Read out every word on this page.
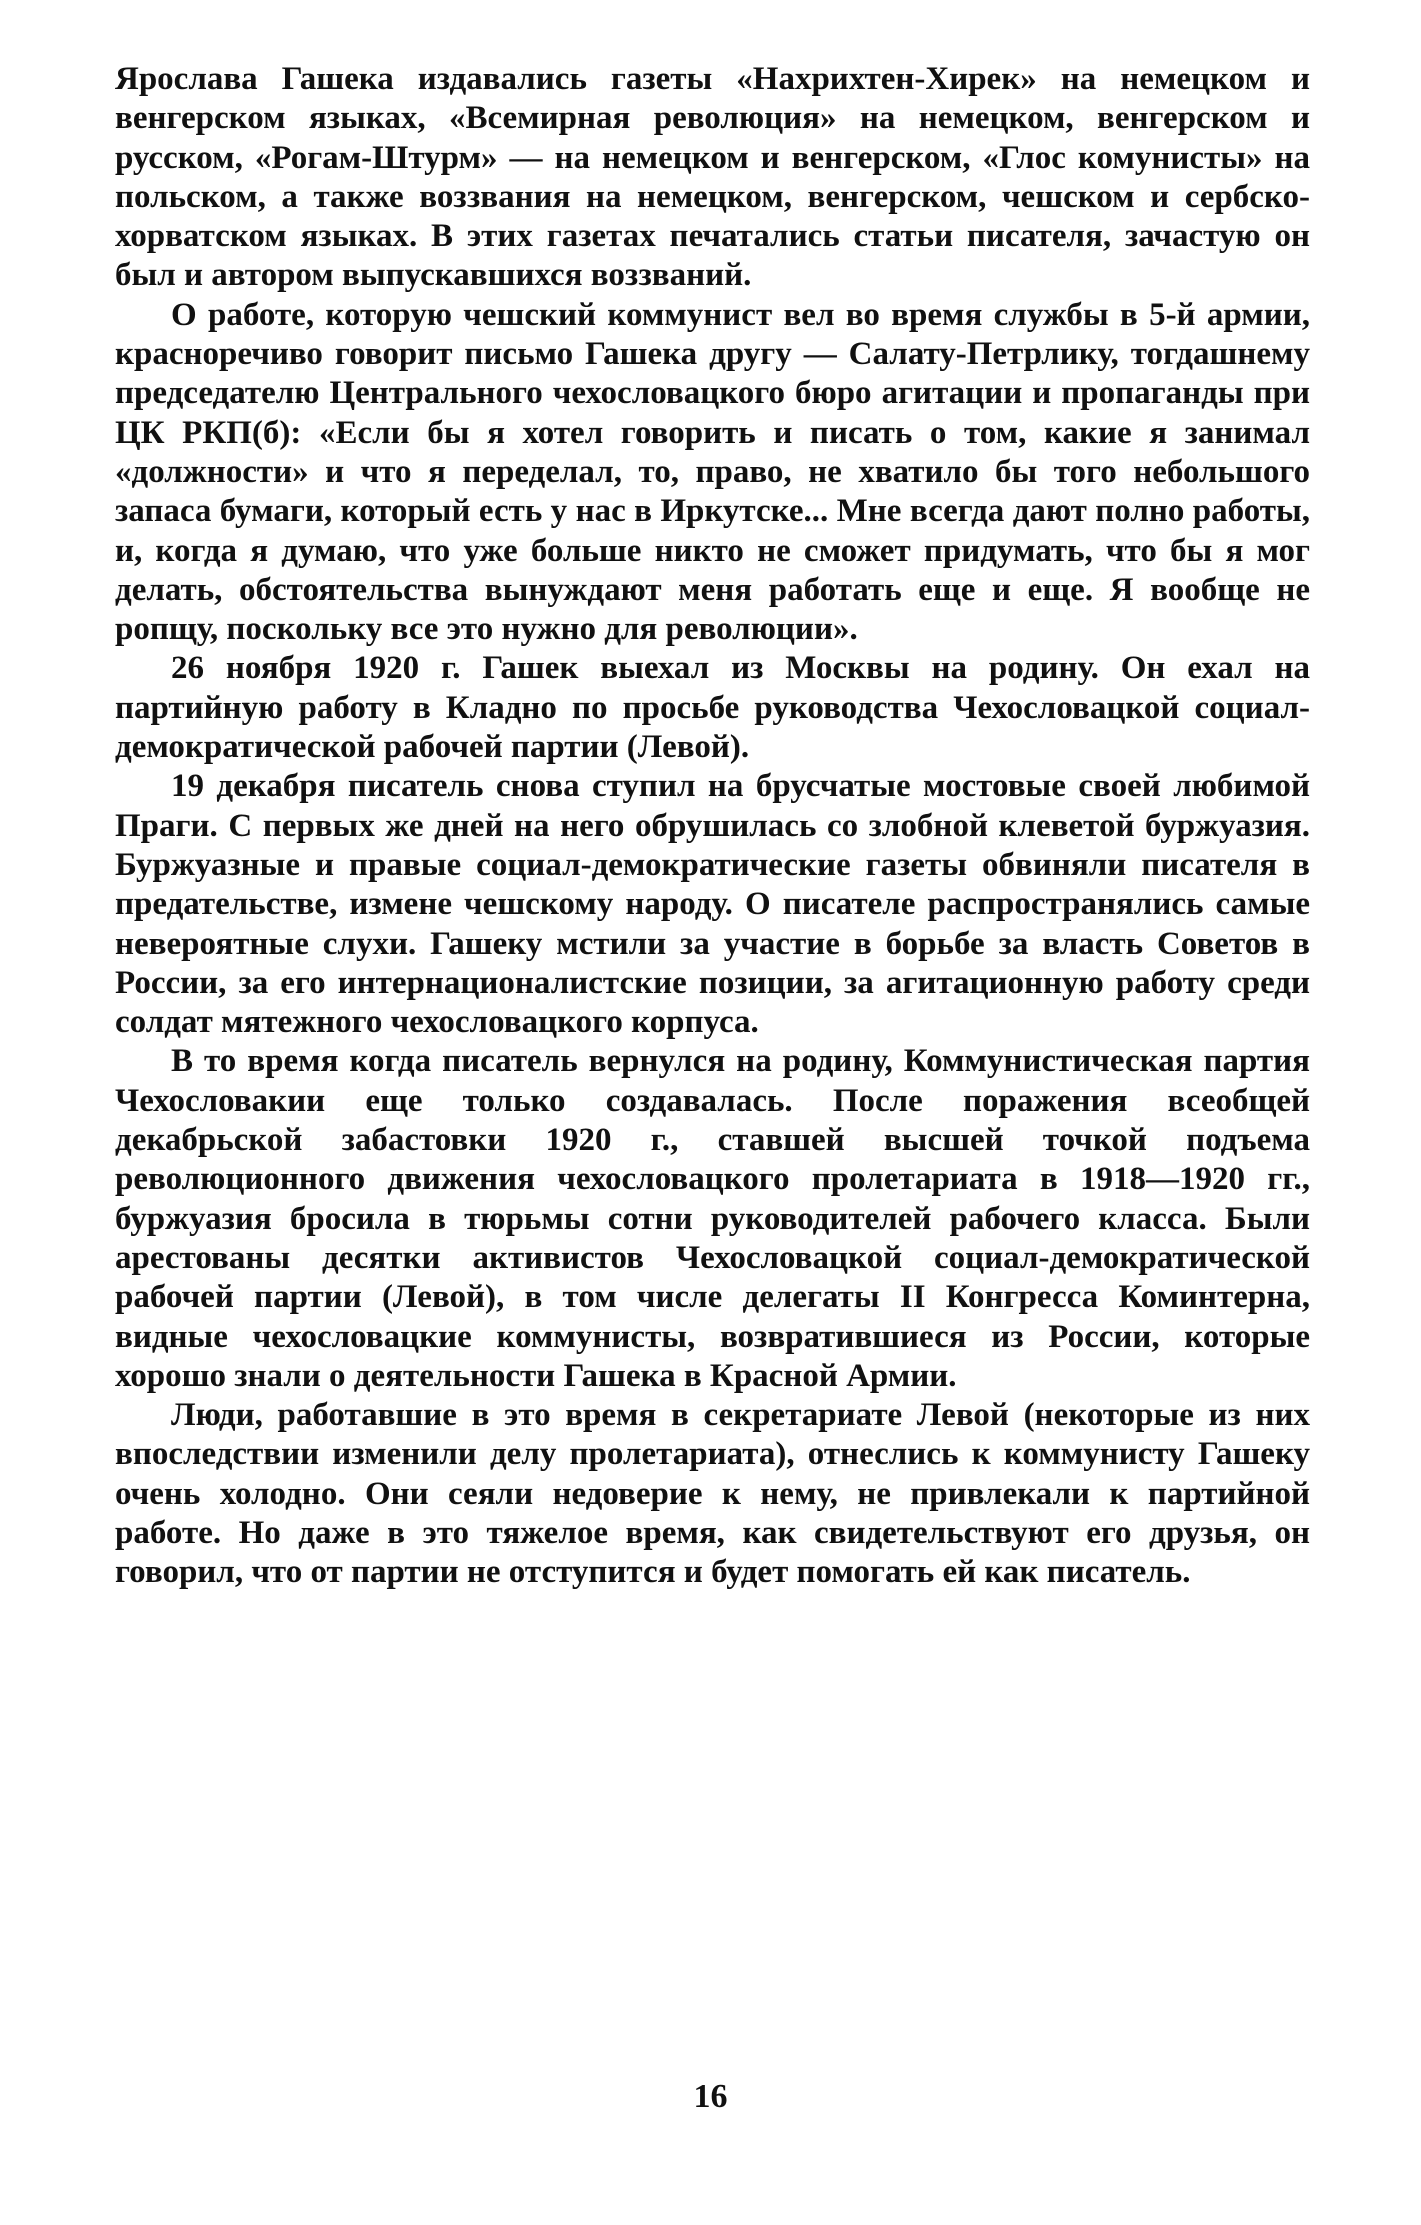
Ярослава Гашека издавались газеты «Нахрихтен-Хирек» на немецком и венгерском языках, «Всемирная революция» на немецком, венгерском и русском, «Рогам-Штурм» — на немецком и венгерском, «Глос комунисты» на польском, а также воззвания на немецком, венгерском, чешском и сербско-хорватском языках. В этих газетах печатались статьи писателя, зачастую он был и автором выпускавшихся воззваний.

О работе, которую чешский коммунист вел во время службы в 5-й армии, красноречиво говорит письмо Гашека другу — Салату-Петрлику, тогдашнему председателю Центрального чехословацкого бюро агитации и пропаганды при ЦК РКП(б): «Если бы я хотел говорить и писать о том, какие я занимал «должности» и что я переделал, то, право, не хватило бы того небольшого запаса бумаги, который есть у нас в Иркутске... Мне всегда дают полно работы, и, когда я думаю, что уже больше никто не сможет придумать, что бы я мог делать, обстоятельства вынуждают меня работать еще и еще. Я вообще не ропщу, поскольку все это нужно для революции».

26 ноября 1920 г. Гашек выехал из Москвы на родину. Он ехал на партийную работу в Кладно по просьбе руководства Чехословацкой социал-демократической рабочей партии (Левой).

19 декабря писатель снова ступил на брусчатые мостовые своей любимой Праги. С первых же дней на него обрушилась со злобной клеветой буржуазия. Буржуазные и правые социал-демократические газеты обвиняли писателя в предательстве, измене чешскому народу. О писателе распространялись самые невероятные слухи. Гашеку мстили за участие в борьбе за власть Советов в России, за его интернационалистские позиции, за агитационную работу среди солдат мятежного чехословацкого корпуса.

В то время когда писатель вернулся на родину, Коммунистическая партия Чехословакии еще только создавалась. После поражения всеобщей декабрьской забастовки 1920 г., ставшей высшей точкой подъема революционного движения чехословацкого пролетариата в 1918—1920 гг., буржуазия бросила в тюрьмы сотни руководителей рабочего класса. Были арестованы десятки активистов Чехословацкой социал-демократической рабочей партии (Левой), в том числе делегаты II Конгресса Коминтерна, видные чехословацкие коммунисты, возвратившиеся из России, которые хорошо знали о деятельности Гашека в Красной Армии.

Люди, работавшие в это время в секретариате Левой (некоторые из них впоследствии изменили делу пролетариата), отнеслись к коммунисту Гашеку очень холодно. Они сеяли недоверие к нему, не привлекали к партийной работе. Но даже в это тяжелое время, как свидетельствуют его друзья, он говорил, что от партии не отступится и будет помогать ей как писатель.

16
